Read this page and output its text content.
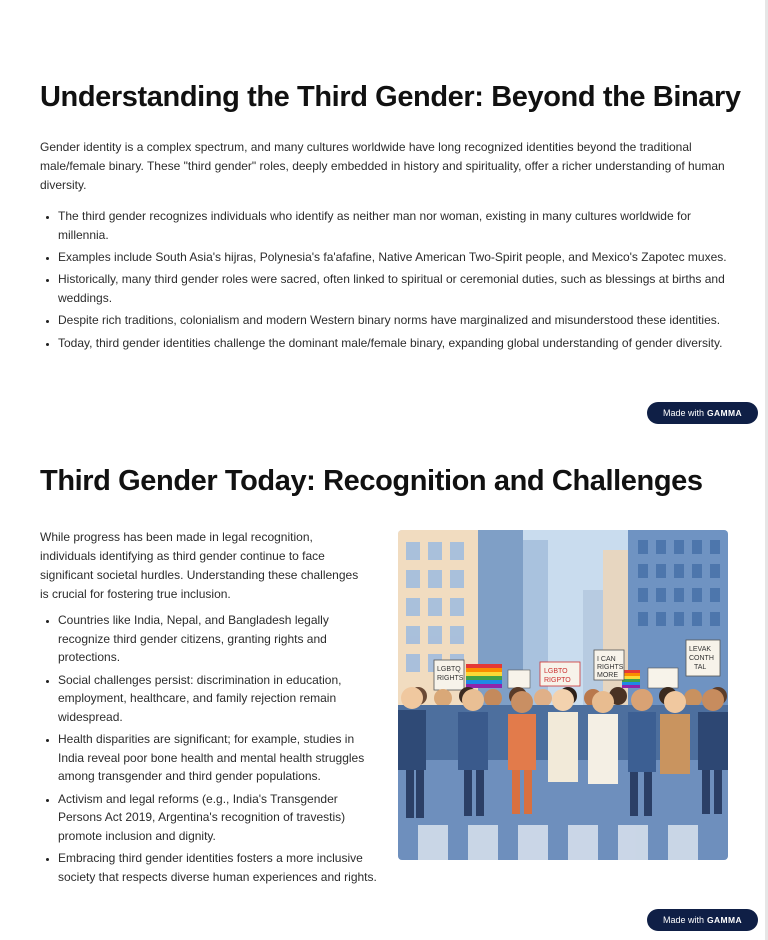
Understanding the Third Gender: Beyond the Binary

Gender identity is a complex spectrum, and many cultures worldwide have long recognized identities beyond the traditional male/female binary. These "third gender" roles, deeply embedded in history and spirituality, offer a richer understanding of human diversity.

• The third gender recognizes individuals who identify as neither man nor woman, existing in many cultures worldwide for millennia.
• Examples include South Asia's hijras, Polynesia's fa'afafine, Native American Two-Spirit people, and Mexico's Zapotec muxes.
• Historically, many third gender roles were sacred, often linked to spiritual or ceremonial duties, such as blessings at births and weddings.
• Despite rich traditions, colonialism and modern Western binary norms have marginalized and misunderstood these identities.
• Today, third gender identities challenge the dominant male/female binary, expanding global understanding of gender diversity.
Made with GAMMA
Third Gender Today: Recognition and Challenges

While progress has been made in legal recognition, individuals identifying as third gender continue to face significant societal hurdles. Understanding these challenges is crucial for fostering true inclusion.

• Countries like India, Nepal, and Bangladesh legally recognize third gender citizens, granting rights and protections.
• Social challenges persist: discrimination in education, employment, healthcare, and family rejection remain widespread.
• Health disparities are significant; for example, studies in India reveal poor bone health and mental health struggles among transgender and third gender populations.
• Activism and legal reforms (e.g., India's Transgender Persons Act 2019, Argentina's recognition of travestis) promote inclusion and dignity.
• Embracing third gender identities fosters a more inclusive society that respects diverse human experiences and rights.
LGBTQ
RIGHTS
LGBTO
RIGPTO
I CAN
RIGHTS
MORE
LEVAK
CONTH
TAL
Made with GAMMA
